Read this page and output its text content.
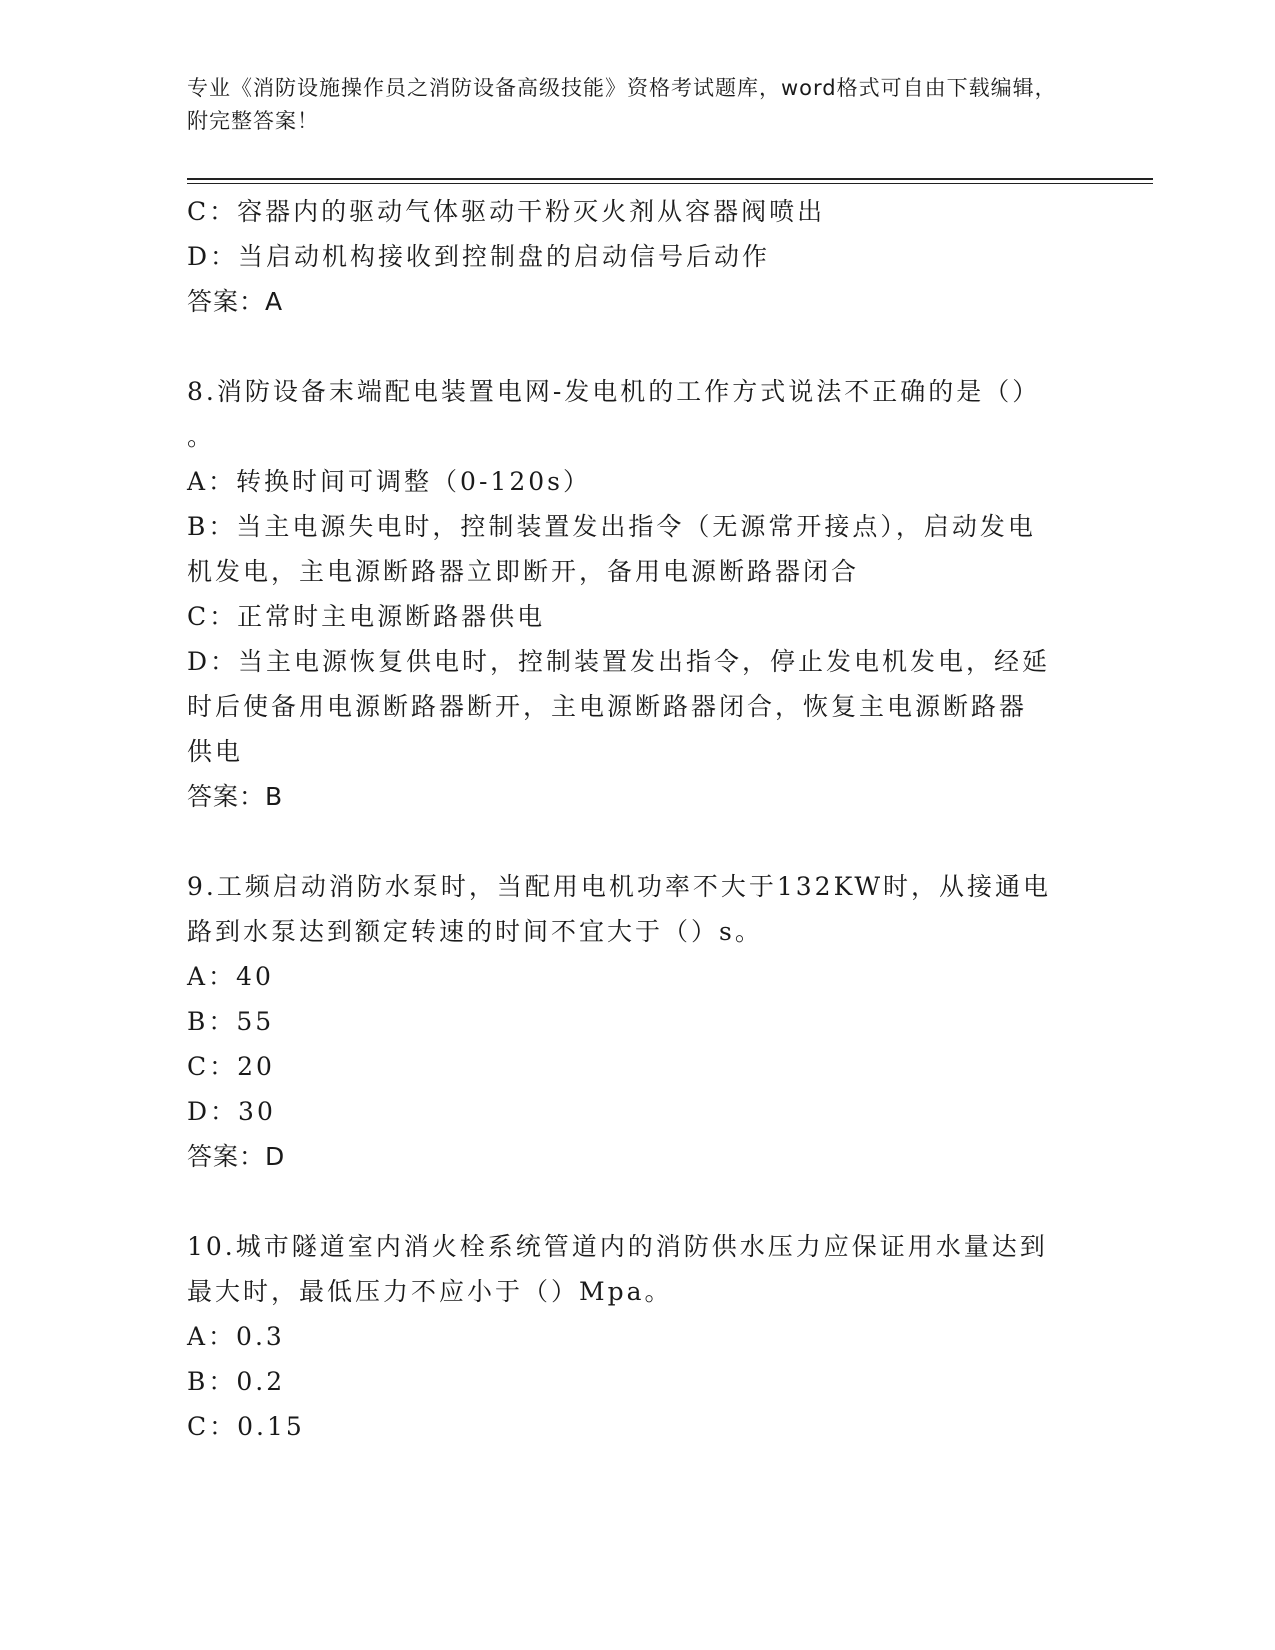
专业《消防设施操作员之消防设备高级技能》资格考试题库，word格式可自由下载编辑，附完整答案！
C：容器内的驱动气体驱动干粉灭火剂从容器阀喷出
D：当启动机构接收到控制盘的启动信号后动作
答案：A
8.消防设备末端配电装置电网-发电机的工作方式说法不正确的是（）
。
A：转换时间可调整（0-120s）
B：当主电源失电时，控制装置发出指令（无源常开接点），启动发电
机发电，主电源断路器立即断开，备用电源断路器闭合
C：正常时主电源断路器供电
D：当主电源恢复供电时，控制装置发出指令，停止发电机发电，经延
时后使备用电源断路器断开，主电源断路器闭合，恢复主电源断路器
供电
答案：B
9.工频启动消防水泵时，当配用电机功率不大于132KW时，从接通电
路到水泵达到额定转速的时间不宜大于（）s。
A：40
B：55
C：20
D：30
答案：D
10.城市隧道室内消火栓系统管道内的消防供水压力应保证用水量达到
最大时，最低压力不应小于（）Mpa。
A：0.3
B：0.2
C：0.15
